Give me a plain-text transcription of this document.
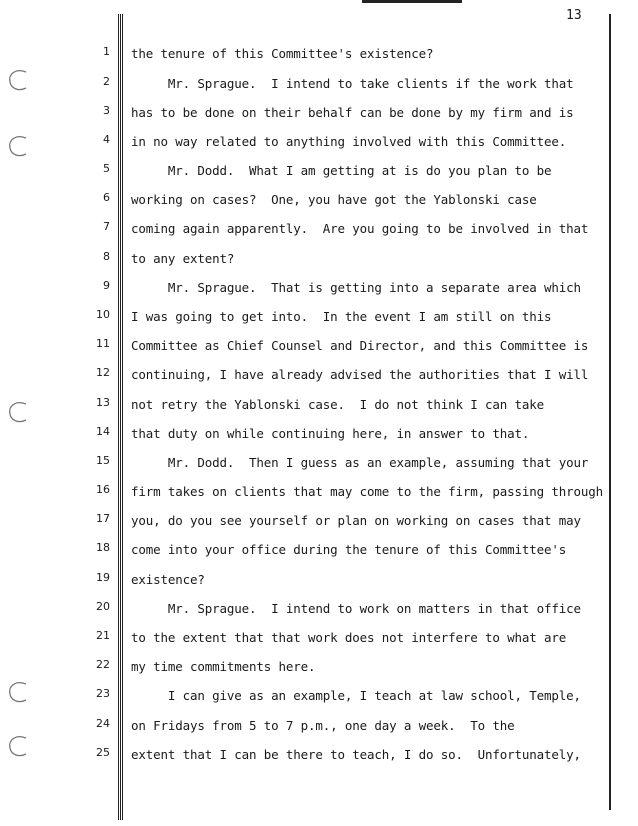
13
1 the tenure of this Committee's existence?
2 Mr. Sprague.  I intend to take clients if the work that
3 has to be done on their behalf can be done by my firm and is
4 in no way related to anything involved with this Committee.
5 Mr. Dodd.  What I am getting at is do you plan to be
6 working on cases?  One, you have got the Yablonski case
7 coming again apparently.  Are you going to be involved in that
8 to any extent?
9 Mr. Sprague.  That is getting into a separate area which
10 I was going to get into.  In the event I am still on this
11 Committee as Chief Counsel and Director, and this Committee is
12 continuing, I have already advised the authorities that I will
13 not retry the Yablonski case.  I do not think I can take
14 that duty on while continuing here, in answer to that.
15 Mr. Dodd.  Then I guess as an example, assuming that your
16 firm takes on clients that may come to the firm, passing through
17 you, do you see yourself or plan on working on cases that may
18 come into your office during the tenure of this Committee's
19 existence?
20 Mr. Sprague.  I intend to work on matters in that office
21 to the extent that that work does not interfere to what are
22 my time commitments here.
23 I can give as an example, I teach at law school, Temple,
24 on Fridays from 5 to 7 p.m., one day a week.  To the
25 extent that I can be there to teach, I do so.  Unfortunately,
